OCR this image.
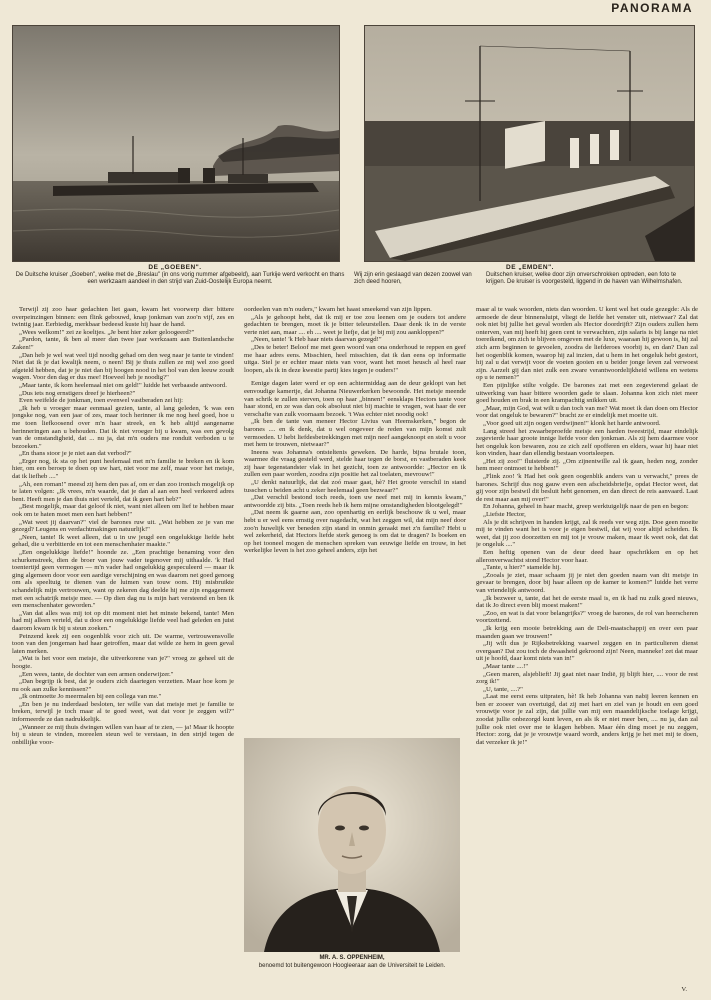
PANORAMA
DE „GOEBEN".
De Duitsche kruiser „Goeben", welke met de „Breslau" (in ons vorig nummer afgebeeld), aan Turkije werd verkocht en thans een werkzaam aandeel in den strijd van Zuid-Oostelijk Europa neemt.
DE „EMDEN".
Wij zijn erin geslaagd van dezen zoowel van zich deed hooren,
Duitschen kruiser, welke door zijn onverschrokken optreden, een foto te krijgen. De kruiser is voorgesteld, liggend in de haven van Wilhelmshafen.

Terwijl zij zoo haar gedachten liet gaan, kwam het voorwerp dier bittere overpeinzingen binnen: een flink gebouwd, knap jonkman van zoo'n vijf, zes en twintig jaar. Eerbiedig, merkbaar bedeesd kuste hij haar de hand.

„Wees welkom!" zei ze koeltjes. „Je bent hier zeker geloogeerd?"

„Pardon, tante, ik ben al meer dan twee jaar werkzaam aan Buitenlandsche Zaken!"

„Dan heb je wel wat veel tijd noodig gehad om den weg naar je tante te vinden! Niet dat ik je dat kwalijk neem, o neen! Bij je thuis zullen ze mij wel zoo goed afgeteld hebben, dat je je niet dan bij hoogen nood in het hol van den leeuw zoudt wagen. Voor den dag er dus mee! Hoeveel heb je noodig?"

„Maar tante, ik kom heelemaal niet om geld!" luidde het verbaasde antwoord.

„Dus iets nog ernstigers dreef je hierheen?"

Even weifelde de jonkman, toen evenwel vastberaden zei hij:

„Ik heb u vroeger maar eenmaal gezien, tante, al lang geleden, 'k was een jongske nog, van een jaar of zes, maar toch herinner ik me nog heel goed, hoe u me toen liefkoosend over m'n haar streek, en 'k heb altijd aangename herinneringen aan u behouden. Dat ik niet vroeger bij u kwam, was een gevolg van de omstandigheid, dat ... nu ja, dat m'n ouders me ronduit verboden u te bezoeken."

„En thans stoor je je niet aan dat verbod?"

„Erger nog, ik sta op het punt heelemaal met m'n familie te breken en ik kom hier, om een beroep te doen op uw hart, niet voor me zelf, maar voor het meisje, dat ik liefheb ...."

„Ah, een roman!" meesd zij hem den pas af, om er dan zoo ironisch mogelijk op te laten volgen: „Ik vrees, m'n waarde, dat je dan al aan een heel verkeerd adres bent. Heeft men je dan thuis niet verteld, dat ik geen hart heb?"

„Best mogelijk, maar dat geloof ik niet, want niet alleen om lief te hebben maar ook om te haten moet men een hart hebben!"

„Wat weet jij daarvan?" viel de barones ruw uit. „Wat hebben ze je van me gezegd? Leugens en verdachtmakingen natuurlijk!"

„Neen, tante! Ik weet alleen, dat u in uw jeugd een ongelukkige liefde hebt gehad, die u verbitterde en tot een menschenhater maakte."

„Een ongelukkige liefde!" hoonde ze. „Een prachtige benaming voor den schurkenstreek, dien de broer van jouw vader tegenover mij uithaalde. 'k Had toentertijd geen vermogen — m'n vader had ongelukkig gespeculeerd — maar ik ging algemeen door voor een aardige verschijning en was daarom net goed genoeg om als speeltuig te dienen van de luimen van touw oom. Hij misbruikte schandelijk mijn vertrouwen, want op zekeren dag deelde hij me zijn engagement met een schatrijk meisje mee. — Op dien dag nu is mijn hart versteend en ben ik een menschenhater geworden."

„Van dat alles was mij tot op dit moment niet het minste bekend, tante! Men had mij alleen verteld, dat u door een ongelukkige liefde veel had geleden en juist daarom kwam ik bij u steun zoeken."

Peinzend keek zij een oogenblik voor zich uit. De warme, vertrouwensvolle toon van den jongeman had haar getroffen, maar dat wilde ze hem in geen geval laten merken.

„Wat is het voor een meisje, die uitverkorene van je?" vroeg ze geheel uit de hoogte.

„Een wees, tante, de dochter van een armen onderwijzer."

„Dan begrijp ik best, dat je ouders zich daartegen verzetten. Maar hoe kom je nu ook aan zulke kennissen?"

„Ik ontmoette Jo meermalen bij een collega van me."

„En ben je nu inderdaad besloten, ter wille van dat meisje met je familie te breken, terwijl je toch maar al te goed weet, wat dat voor je zeggen wil?" informeerde ze dan nadrukkelijk.

„Wanneer ze mij thuis dwingen willen van haar af te zien, — ja! Maar ik hoopte bij u steun te vinden, moreelen steun wel te verstaan, in den strijd tegen de onbillijke voor-

oordeelen van m'n ouders," kwam het haast smeekend van zijn lippen.

„Als je gehoopt hebt, dat ik mij er toe zou leenen om je ouders tot andere gedachten te brengen, moet ik je bitter teleurstellen. Daar denk ik in de verste verte niet aan, maar .... eh .... weet je liefje, dat je bij mij zou aankloppen?"

„Neen, tante! 'k Heb haar niets daarvan gezegd!"

„Des te beter! Beloof me met geen woord van ona onderhoud te reppen en geef me haar adres eens. Misschien, heel misschien, dat ik dan eens op informatie uitga. Stel je er echter maar niets van voor, want het moet heusch al heel raar loopen, als ik in deze kwestie partij kies tegen je ouders!"

Eenige dagen later werd er op een achtermiddag aan de deur geklopt van het eenvoudige kamertje, dat Johanna Nieuwerkerken bewoonde. Het meisje meende van schrik te zullen sterven, toen op haar „binnen!" eensklaps Hectors tante voor haar stond, en ze was dan ook absoluut niet bij machte te vragen, wat haar de eer verschafte van zulk voornaam bezoek. 't Was echter niet noodig ook!

„Ik ben de tante van meneer Hector Livius van Heemskerken," begon de barones .... en ik denk, dat u wel ongeveer de reden van mijn komst zult vermoeden. U hebt liefdesbetrekkingen met mijn neef aangeknoopt en stelt u voor met hem te trouwen, nietwaar?"

Ineens was Johanna's ontsteltenis geweken. De harde, bijna brutale toon, waarmee die vraag gesteld werd, stelde haar tegen de borst, en vastberaden keek zij haar tegenstandster vlak in het gezicht, toen ze antwoordde: „Hector en ik zullen een paar worden, zoodra zijn positie het zal toelaten, mevrouw!"

„U denkt natuurlijk, dat dat zoó maar gaat, hè? Het groote verschil in stand tusschen u beiden acht u zeker heelemaal geen bezwaar?"

„Dat verschil bestond toch reeds, toen uw neef met mij in kennis kwam," antwoordde zij bits. „Toen reeds heb ik hem mijne omstandigheden blootgelegd!"

„Dat neem ik gaarne aan, zoo openhartig en eerlijk beschouw ik u wel, maar hebt u er wel eens ernstig over nagedacht, wat het zeggen wil, dat mijn neef door zoo'n huwelijk ver beneden zijn stand in onmin geraakt met z'n familie? Hebt u wel zekerheid, dat Hectors liefde sterk genoeg is om dat te dragen? Is boeken en op het tooneel mogen de menschen spreken van eeuwige liefde en trouw, in het werkelijke leven is het zoo geheel anders, zijn het

MR. A. S. OPPENHEIM,
benoemd tot buitengewoon Hoogleeraar aan de Universiteit te Leiden.

maar al te vaak woorden, niets dan woorden. U kent wel het oude gezegde: Als de armoede de deur binnensluipt, vliegt de liefde het venster uit, nietwaar? Zal dat ook niet bij jullie het geval worden als Hector doordrijft? Zijn ouders zullen hem onterven, van mij heeft hij geen cent te verwachten, zijn salaris is bij lange na niet toereikend, om zich te blijven omgeven met de luxe, waaraan hij gewoon is, hij zal zich arm beginnen te gevoelen, zoodra de liefderoes voorbij is, en dan? Dan zal het oogenblik komen, waarop hij zal inzien, dat u hem in het ongeluk hebt gestort, hij zal u dat verwijt voor de voeten gooien en u beider jonge leven zal verwoest zijn. Aarzelt gij dan niet zulk een zware verantwoordelijkheid willens en wetens op u te nemen?"

Een pijnlijke stilte volgde. De barones zat met een zegevierend gelaat de uitwerking van haar bittere woorden gade te slaan. Johanna kon zich niet meer goed houden en brak in een krampachtig snikken uit.

„Maar, mijn God, wat wilt u dan toch van me? Wat moet ik dan doen om Hector voor dat ongeluk te bewaren?" bracht ze er eindelijk met moeite uit.

„Voor goed uit zijn oogen verdwijnen!" klonk het harde antwoord.

Lang streed het zwaarbeproefde meisje een harden tweestrijd, maar eindelijk zegevierde haar groote innige liefde voor den jonkman. Als zij hem daarmee voor het ongeluk kon bewaren, zou ze zich zelf opofferen en elders, waar hij haar niet kon vinden, haar dan ellendig bestaan voortsleepen.

„Het zij zoo!" fluisterde zij. „Om zijnentwille zal ik gaan, heden nog, zonder hem meer ontmoet te hebben!"

„Flink zoo! 'k Had het ook geen oogenblik anders van u verwacht," prees de barones. Schrijf dus nog gauw even een afscheidsbriefje, opdat Hector weet, dat gij voor zijn bestwil dit besluit hebt genomen, en dan direct de reis aanvaard. Laat de rest maar aan mij over!"

En Johanna, geheel in haar macht, greep werktuigelijk naar de pen en begon:

„Liefste Hector,

Als je dit schrijven in handen krijgt, zal ik reeds ver weg zijn. Doe geen moeite mij te vinden want het is voor je eigen bestwil, dat wij voor altijd scheiden. Ik weet, dat jij zoo doorzetten en mij tot je vrouw maken, maar ik weet ook, dat dat je ongeluk ...."

Een heftig openen van de deur deed haar opschrikken en op het alleronverwachtst stond Hector voor haar.

„Tante, u hier?" stamelde hij.

„Zooals je ziet, maar schaam jij je niet den goeden naam van dit meisje in gevaar te brengen, door bij haar alleen op de kamer te komen?" luidde het verre van vriendelijk antwoord.

„Ik bezweer u, tante, dat het de eerste maal is, en ik had nu zulk goed nieuws, dat ik Jo direct even blij moest maken!"

„Zoo, en wat is dat voor belangrijks?" vroeg de barones, de rol van heerscheren voortzettend.

„Ik krijg een mooie betrekking aan de Deli-maatschappij en over een paar maanden gaan we trouwen!"

„Jij wilt dus je Rijksbetrekking vaarwel zeggen en in particulieren dienst overgaan? Dat zou toch de dwaasheid gekroond zijn! Neen, manneke! zet dat maar uit je hoofd, daar komt niets van in!"

„Maar tante ....!"

„Geen maren, alsjeblieft! Jij gaat niet naar Indië, jij blijft hier, .... voor de rest zorg ik!"

„U, tante, ....?"

„Laat me eerst eens uitpraten, hè! Ik heb Johanna van nabij leeren kennen en ben er zooeer van overtuigd, dat zij met hart en ziel van je houdt en een goed vrouwtje voor je zal zijn, dat jullie van mij een maandelijksche toelage krijgt, zoodat jullie onbezorgd kunt leven, en als ik er niet meer ben, .... nu ja, dan zal jullie ook niet over me te klagen hebben. Maar één ding moet je nu zeggen, Hector: zorg, dat je je vrouwtje waard wordt, anders krijg je het met mij te doen, dat verzeker ik je!"

V.
